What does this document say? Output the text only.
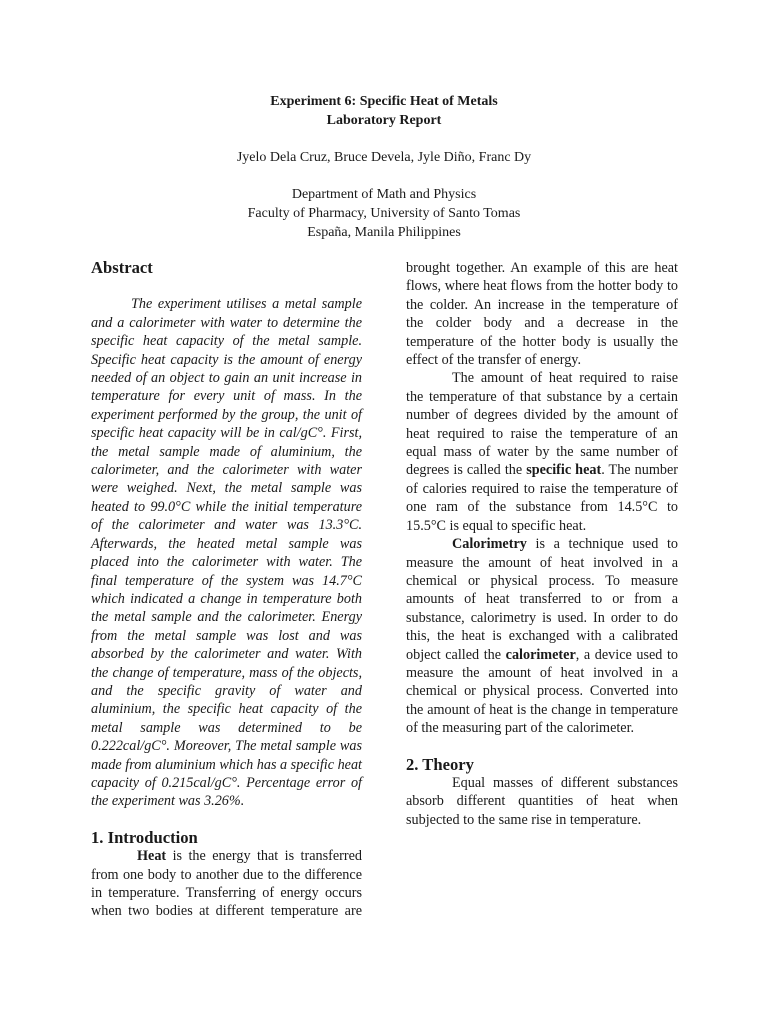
Experiment 6: Specific Heat of Metals
Laboratory Report
Jyelo Dela Cruz, Bruce Devela, Jyle Diño, Franc Dy
Department of Math and Physics
Faculty of Pharmacy, University of Santo Tomas
España, Manila Philippines
Abstract

The experiment utilises a metal sample and a calorimeter with water to determine the specific heat capacity of the metal sample. Specific heat capacity is the amount of energy needed of an object to gain an unit increase in temperature for every unit of mass. In the experiment performed by the group, the unit of specific heat capacity will be in cal/gC°. First, the metal sample made of aluminium, the calorimeter, and the calorimeter with water were weighed. Next, the metal sample was heated to 99.0°C while the initial temperature of the calorimeter and water was 13.3°C. Afterwards, the heated metal sample was placed into the calorimeter with water. The final temperature of the system was 14.7°C which indicated a change in temperature both the metal sample and the calorimeter. Energy from the metal sample was lost and was absorbed by the calorimeter and water. With the change of temperature, mass of the objects, and the specific gravity of water and aluminium, the specific heat capacity of the metal sample was determined to be 0.222cal/gC°. Moreover, The metal sample was made from aluminium which has a specific heat capacity of 0.215cal/gC°. Percentage error of the experiment was 3.26%.

1. Introduction

Heat is the energy that is transferred from one body to another due to the difference in temperature. Transferring of energy occurs when two bodies at different temperature are

brought together. An example of this are heat flows, where heat flows from the hotter body to the colder. An increase in the temperature of the colder body and a decrease in the temperature of the hotter body is usually the effect of the transfer of energy.

The amount of heat required to raise the temperature of that substance by a certain number of degrees divided by the amount of heat required to raise the temperature of an equal mass of water by the same number of degrees is called the specific heat. The number of calories required to raise the temperature of one ram of the substance from 14.5°C to 15.5°C is equal to specific heat.

Calorimetry is a technique used to measure the amount of heat involved in a chemical or physical process. To measure amounts of heat transferred to or from a substance, calorimetry is used. In order to do this, the heat is exchanged with a calibrated object called the calorimeter, a device used to measure the amount of heat involved in a chemical or physical process. Converted into the amount of heat is the change in temperature of the measuring part of the calorimeter.

2. Theory

Equal masses of different substances absorb different quantities of heat when subjected to the same rise in temperature.
